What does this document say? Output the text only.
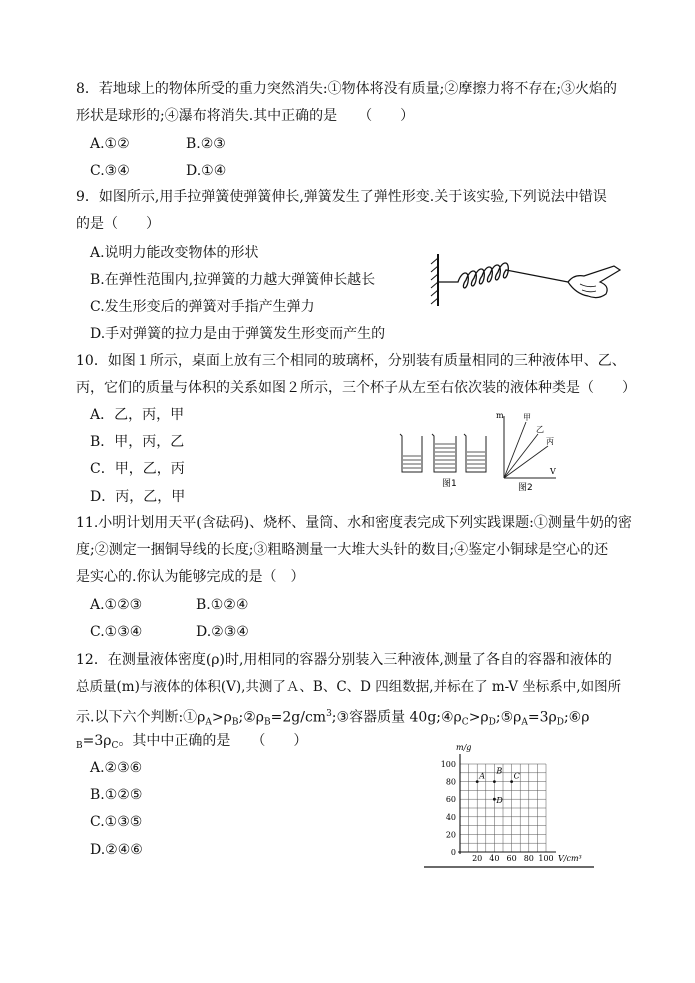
8．若地球上的物体所受的重力突然消失:①物体将没有质量;②摩擦力将不存在;③火焰的
形状是球形的;④瀑布将消失.其中正确的是　　（　　）
A.①②	B.②③
C.③④	D.①④
9．如图所示,用手拉弹簧使弹簧伸长,弹簧发生了弹性形变.关于该实验,下列说法中错误
的是（　　）
A.说明力能改变物体的形状
B.在弹性范围内,拉弹簧的力越大弹簧伸长越长
C.发生形变后的弹簧对手指产生弹力
D.手对弹簧的拉力是由于弹簧发生形变而产生的
10．如图１所示，桌面上放有三个相同的玻璃杯，分别装有质量相同的三种液体甲、乙、
丙，它们的质量与体积的关系如图２所示，三个杯子从左至右依次装的液体种类是（　　）
A．乙，丙，甲
B．甲，丙，乙
C．甲，乙，丙
D．丙，乙，甲
图1
m
V
甲
乙
丙
图2
11.小明计划用天平(含砝码)、烧杯、量筒、水和密度表完成下列实践课题:①测量牛奶的密
度;②测定一捆铜导线的长度;③粗略测量一大堆大头针的数目;④鉴定小铜球是空心的还
是实心的.你认为能够完成的是（　）
A.①②③	B.①②④
C.①③④	D.②③④
12．在测量液体密度(ρ)时,用相同的容器分别装入三种液体,测量了各自的容器和液体的
总质量(m)与液体的体积(V),共测了Ａ、B、C、D 四组数据,并标在了 m-V 坐标系中,如图所
示.以下六个判断$:①\rho_A>\rho_B;②\rho_B=2g/cm^3;③$容器质量 $40g;④\rho_C>\rho_D;⑤\rho_A=3\rho_D;⑥\rho$
$_B=3\rho_C$。其中中正确的是　　（　　）
A.②③⑥
B.①②⑤
C.①③⑤
D.②④⑥	0
20
40
60
80
100
20 40 60 80 100
A
B
C
D
m/g
V/cm³
